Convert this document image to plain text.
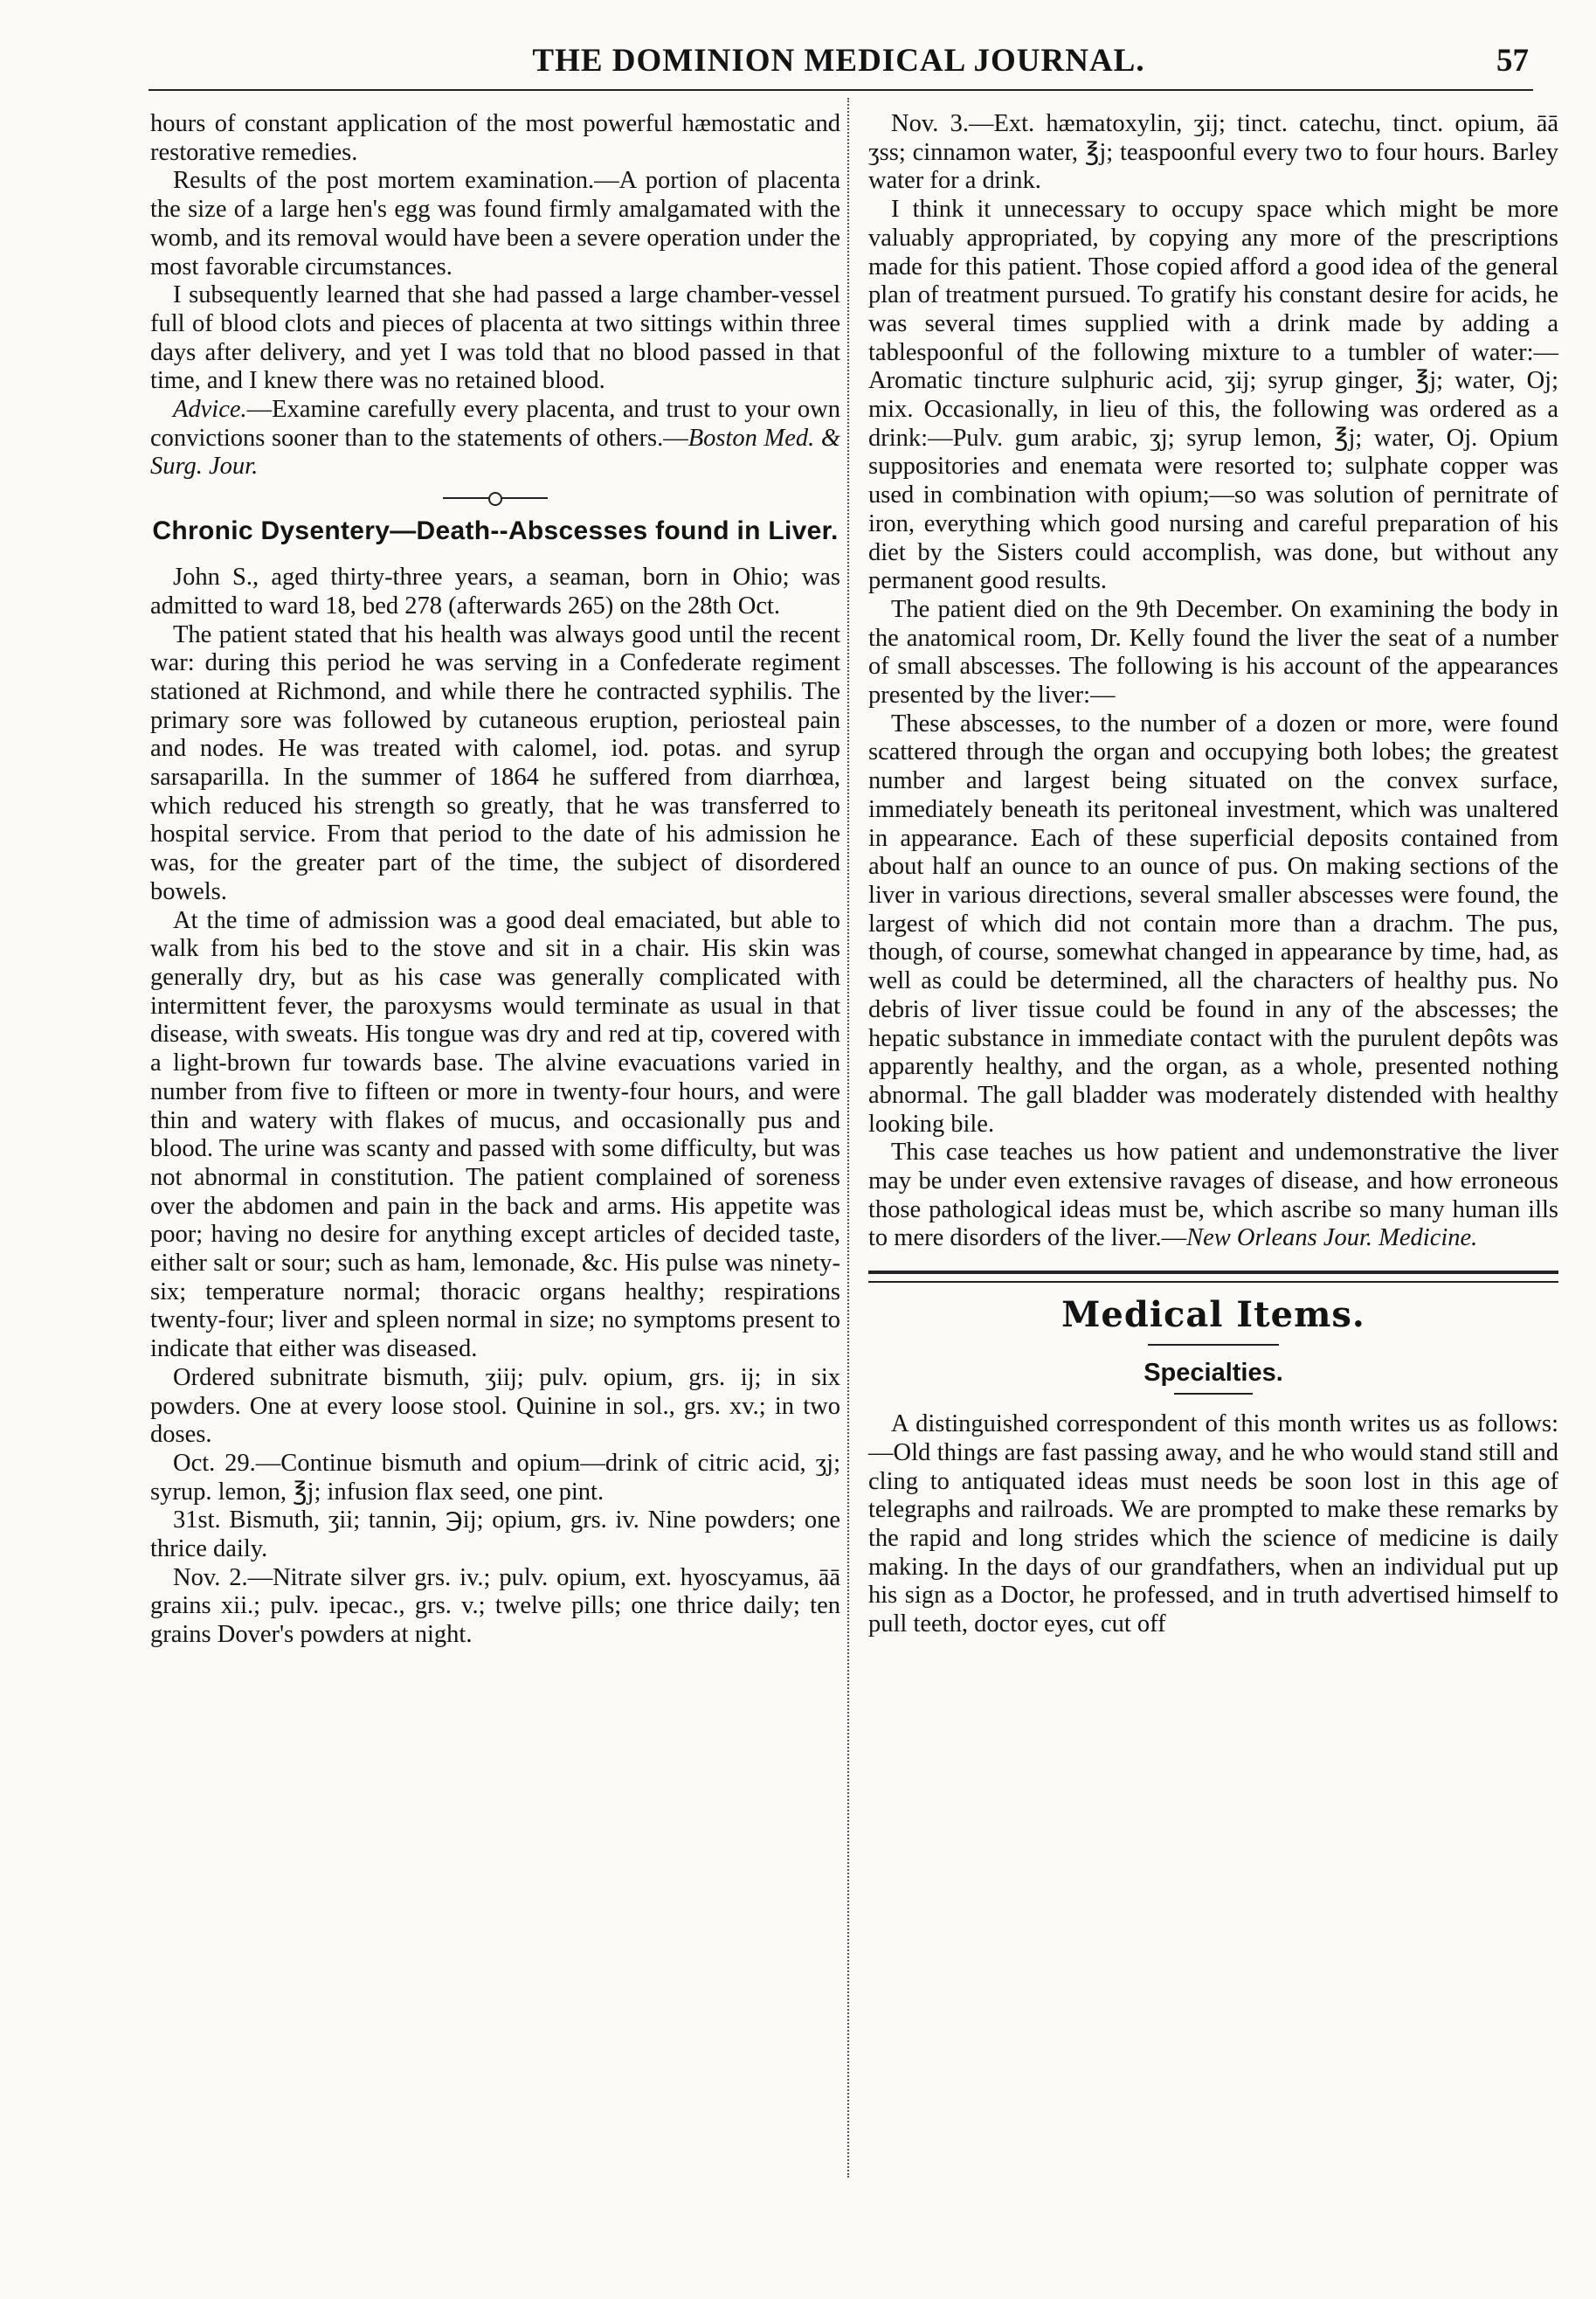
THE DOMINION MEDICAL JOURNAL.	57

hours of constant application of the most powerful hæmostatic and restorative remedies.

Results of the post mortem examination.—A portion of placenta the size of a large hen's egg was found firmly amalgamated with the womb, and its removal would have been a severe operation under the most favorable circumstances.

I subsequently learned that she had passed a large chamber-vessel full of blood clots and pieces of placenta at two sittings within three days after delivery, and yet I was told that no blood passed in that time, and I knew there was no retained blood.

Advice.—Examine carefully every placenta, and trust to your own convictions sooner than to the statements of others.—Boston Med. & Surg. Jour.

Chronic Dysentery—Death--Abscesses found in Liver.

John S., aged thirty-three years, a seaman, born in Ohio; was admitted to ward 18, bed 278 (afterwards 265) on the 28th Oct.

The patient stated that his health was always good until the recent war: during this period he was serving in a Confederate regiment stationed at Richmond, and while there he contracted syphilis. The primary sore was followed by cutaneous eruption, periosteal pain and nodes. He was treated with calomel, iod. potas. and syrup sarsaparilla. In the summer of 1864 he suffered from diarrhœa, which reduced his strength so greatly, that he was transferred to hospital service. From that period to the date of his admission he was, for the greater part of the time, the subject of disordered bowels.

At the time of admission was a good deal emaciated, but able to walk from his bed to the stove and sit in a chair. His skin was generally dry, but as his case was generally complicated with intermittent fever, the paroxysms would terminate as usual in that disease, with sweats. His tongue was dry and red at tip, covered with a light-brown fur towards base. The alvine evacuations varied in number from five to fifteen or more in twenty-four hours, and were thin and watery with flakes of mucus, and occasionally pus and blood. The urine was scanty and passed with some difficulty, but was not abnormal in constitution. The patient complained of soreness over the abdomen and pain in the back and arms. His appetite was poor; having no desire for anything except articles of decided taste, either salt or sour; such as ham, lemonade, &c. His pulse was ninety-six; temperature normal; thoracic organs healthy; respirations twenty-four; liver and spleen normal in size; no symptoms present to indicate that either was diseased.

Ordered subnitrate bismuth, ʒiij; pulv. opium, grs. ij; in six powders. One at every loose stool. Quinine in sol., grs. xv.; in two doses.

Oct. 29.—Continue bismuth and opium—drink of citric acid, ʒj; syrup. lemon, ℥j; infusion flax seed, one pint.

31st. Bismuth, ʒii; tannin, ℈ij; opium, grs. iv. Nine powders; one thrice daily.

Nov. 2.—Nitrate silver grs. iv.; pulv. opium, ext. hyoscyamus, āā grains xii.; pulv. ipecac., grs. v.; twelve pills; one thrice daily; ten grains Dover's powders at night.

Nov. 3.—Ext. hæmatoxylin, ʒij; tinct. catechu, tinct. opium, āā ʒss; cinnamon water, ℥j; teaspoonful every two to four hours. Barley water for a drink.

I think it unnecessary to occupy space which might be more valuably appropriated, by copying any more of the prescriptions made for this patient. Those copied afford a good idea of the general plan of treatment pursued. To gratify his constant desire for acids, he was several times supplied with a drink made by adding a tablespoonful of the following mixture to a tumbler of water:—Aromatic tincture sulphuric acid, ʒij; syrup ginger, ℥j; water, Oj; mix. Occasionally, in lieu of this, the following was ordered as a drink:—Pulv. gum arabic, ʒj; syrup lemon, ℥j; water, Oj. Opium suppositories and enemata were resorted to; sulphate copper was used in combination with opium;—so was solution of pernitrate of iron, everything which good nursing and careful preparation of his diet by the Sisters could accomplish, was done, but without any permanent good results.

The patient died on the 9th December. On examining the body in the anatomical room, Dr. Kelly found the liver the seat of a number of small abscesses. The following is his account of the appearances presented by the liver:—

These abscesses, to the number of a dozen or more, were found scattered through the organ and occupying both lobes; the greatest number and largest being situated on the convex surface, immediately beneath its peritoneal investment, which was unaltered in appearance. Each of these superficial deposits contained from about half an ounce to an ounce of pus. On making sections of the liver in various directions, several smaller abscesses were found, the largest of which did not contain more than a drachm. The pus, though, of course, somewhat changed in appearance by time, had, as well as could be determined, all the characters of healthy pus. No debris of liver tissue could be found in any of the abscesses; the hepatic substance in immediate contact with the purulent depôts was apparently healthy, and the organ, as a whole, presented nothing abnormal. The gall bladder was moderately distended with healthy looking bile.

This case teaches us how patient and undemonstrative the liver may be under even extensive ravages of disease, and how erroneous those pathological ideas must be, which ascribe so many human ills to mere disorders of the liver.—New Orleans Jour. Medicine.

Medical Items.
Specialties.

A distinguished correspondent of this month writes us as follows:—Old things are fast passing away, and he who would stand still and cling to antiquated ideas must needs be soon lost in this age of telegraphs and railroads. We are prompted to make these remarks by the rapid and long strides which the science of medicine is daily making. In the days of our grandfathers, when an individual put up his sign as a Doctor, he professed, and in truth advertised himself to pull teeth, doctor eyes, cut off
